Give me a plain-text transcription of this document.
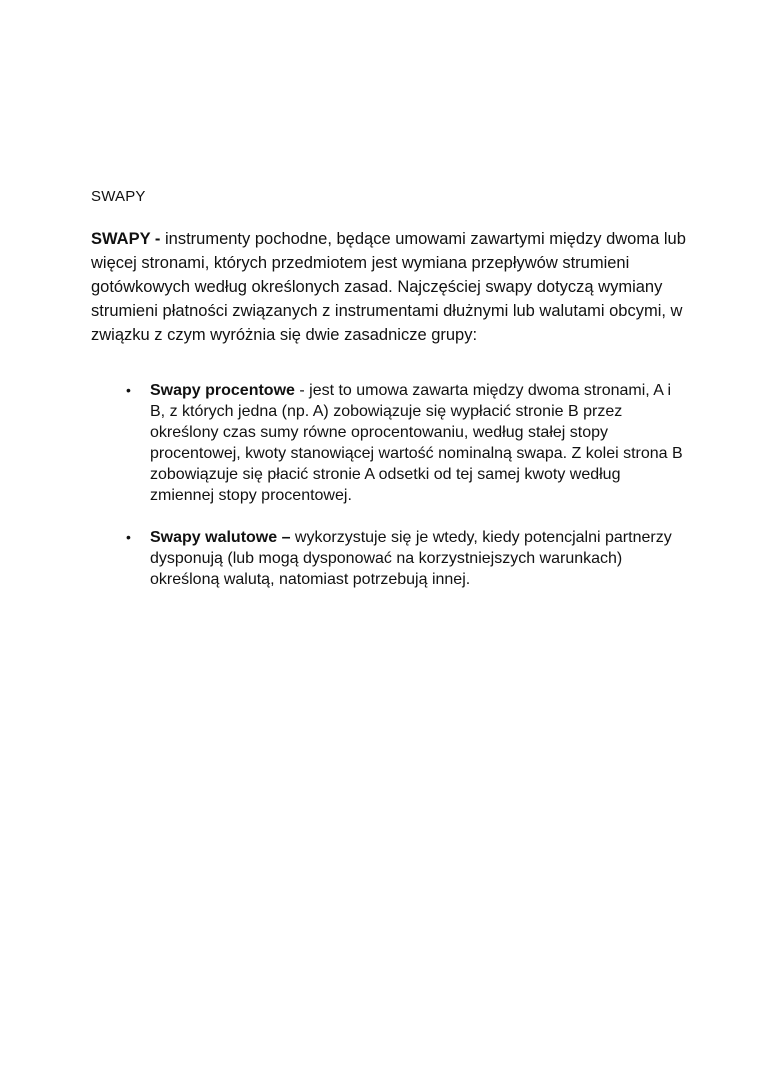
SWAPY

SWAPY - instrumenty pochodne, będące umowami zawartymi między dwoma lub więcej stronami, których przedmiotem jest wymiana przepływów strumieni gotówkowych według określonych zasad. Najczęściej swapy dotyczą wymiany strumieni płatności związanych z instrumentami dłużnymi lub walutami obcymi, w związku z czym wyróżnia się dwie zasadnicze grupy:

•	Swapy procentowe - jest to umowa zawarta między dwoma stronami, A i B, z których jedna (np. A) zobowiązuje się wypłacić stronie B przez określony czas sumy równe oprocentowaniu, według stałej stopy procentowej, kwoty stanowiącej wartość nominalną swapa. Z kolei strona B zobowiązuje się płacić stronie A odsetki od tej samej kwoty według zmiennej stopy procentowej.
•	Swapy walutowe – wykorzystuje się je wtedy, kiedy potencjalni partnerzy dysponują (lub mogą dysponować na korzystniejszych warunkach) określoną walutą, natomiast potrzebują innej.
